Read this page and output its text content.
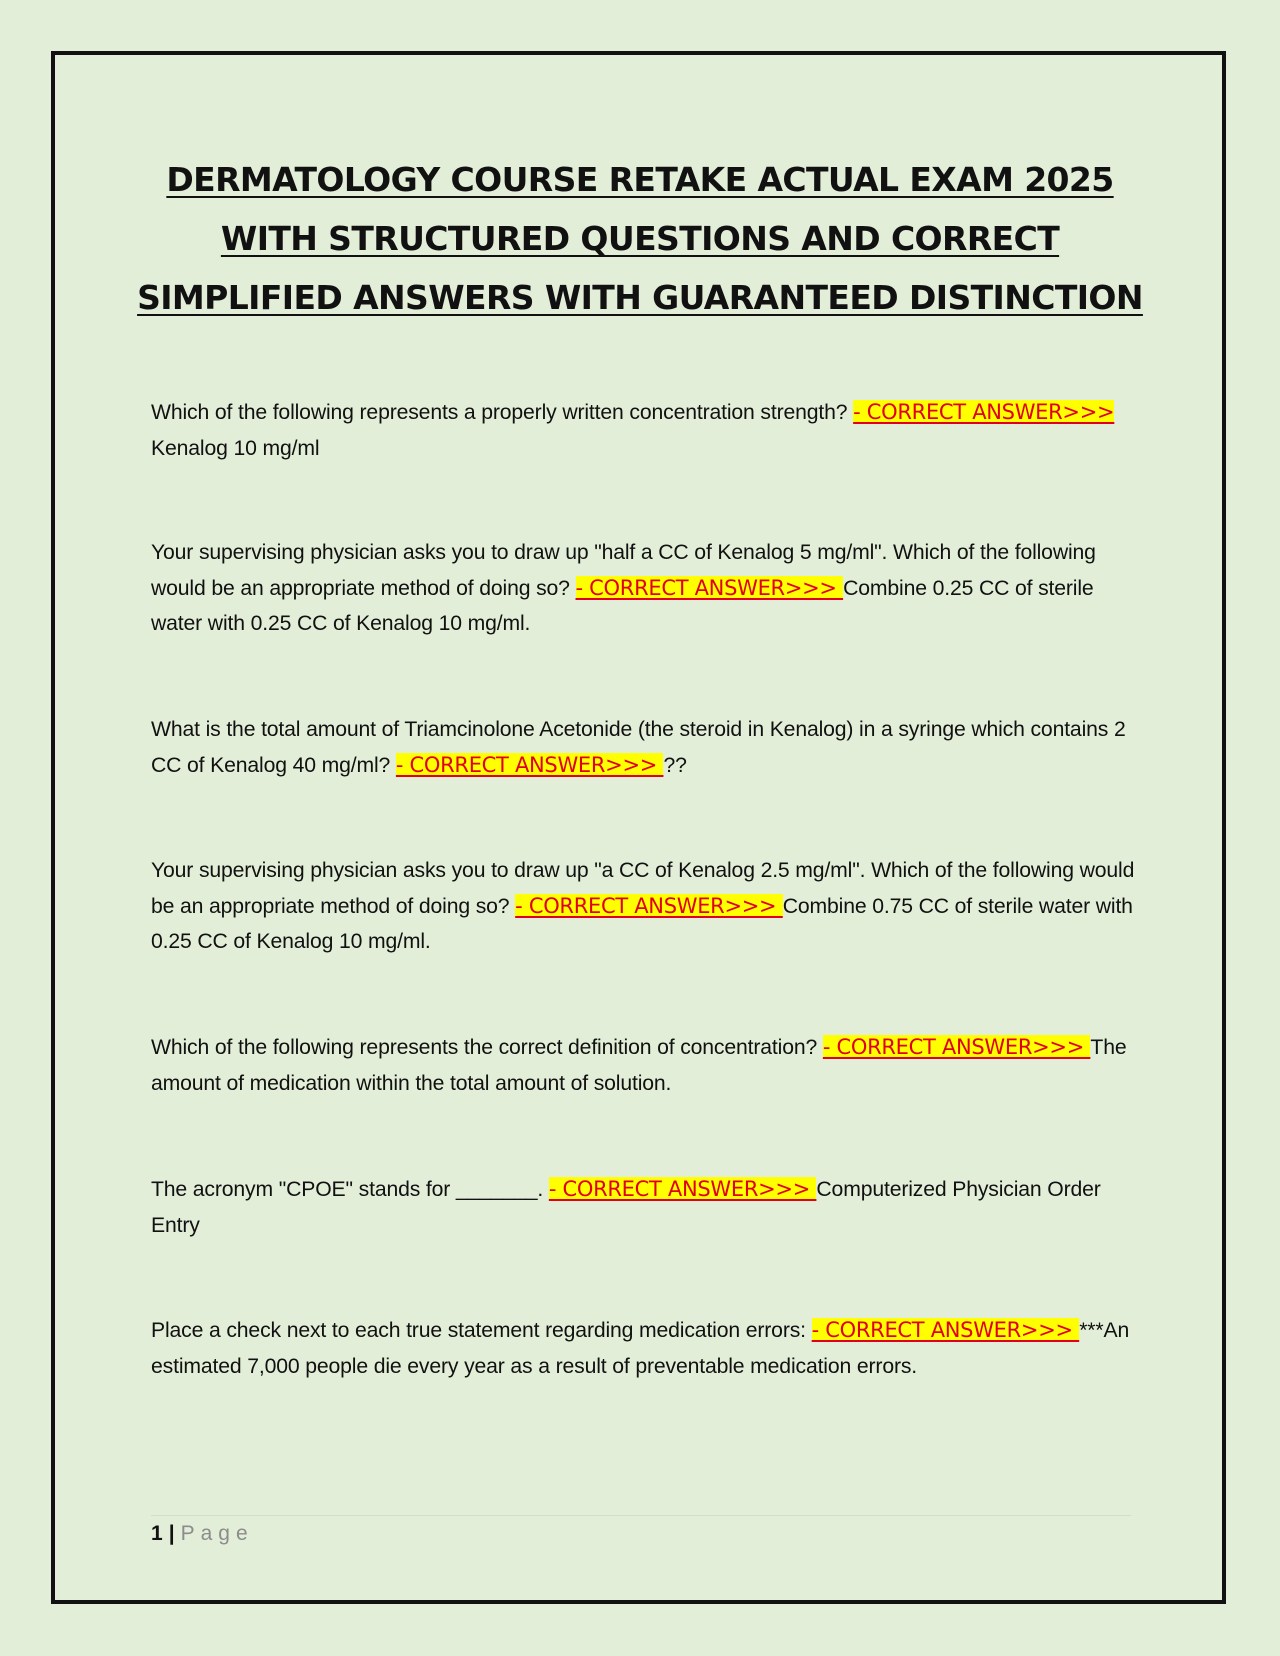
DERMATOLOGY COURSE RETAKE ACTUAL EXAM 2025
WITH STRUCTURED QUESTIONS AND CORRECT
SIMPLIFIED ANSWERS WITH GUARANTEED DISTINCTION

Which of the following represents a properly written concentration strength? - CORRECT ANSWER>>> Kenalog 10 mg/ml

Your supervising physician asks you to draw up "half a CC of Kenalog 5 mg/ml". Which of the following would be an appropriate method of doing so? - CORRECT ANSWER>>> Combine 0.25 CC of sterile water with 0.25 CC of Kenalog 10 mg/ml.

What is the total amount of Triamcinolone Acetonide (the steroid in Kenalog) in a syringe which contains 2 CC of Kenalog 40 mg/ml? - CORRECT ANSWER>>> ??

Your supervising physician asks you to draw up "a CC of Kenalog 2.5 mg/ml". Which of the following would be an appropriate method of doing so? - CORRECT ANSWER>>> Combine 0.75 CC of sterile water with 0.25 CC of Kenalog 10 mg/ml.

Which of the following represents the correct definition of concentration? - CORRECT ANSWER>>> The amount of medication within the total amount of solution.

The acronym "CPOE" stands for _______. - CORRECT ANSWER>>> Computerized Physician Order Entry

Place a check next to each true statement regarding medication errors: - CORRECT ANSWER>>> ***An estimated 7,000 people die every year as a result of preventable medication errors.

1 | Page
